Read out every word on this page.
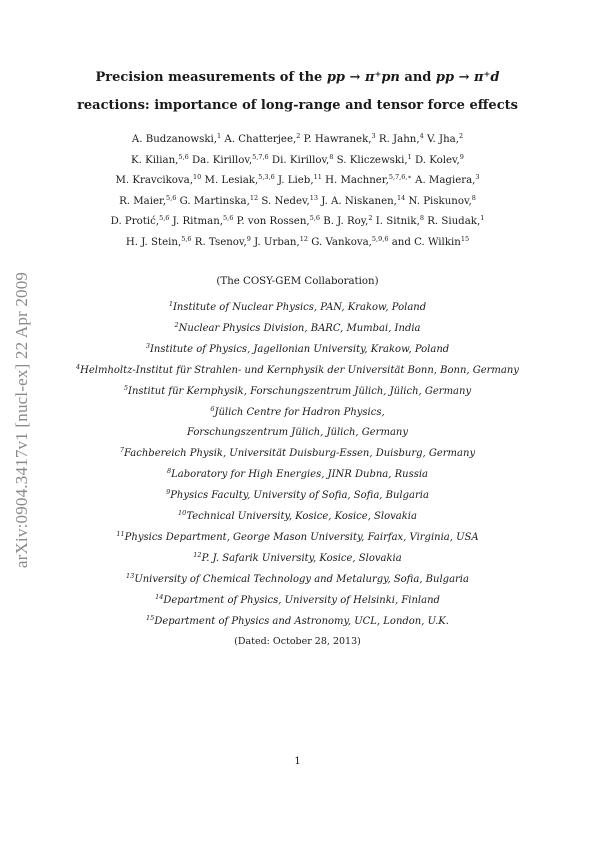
arXiv:0904.3417v1 [nucl-ex] 22 Apr 2009
Precision measurements of the pp → π⁺pn and pp → π⁺d
reactions: importance of long-range and tensor force effects
A. Budzanowski,$^1$ A. Chatterjee,$^2$ P. Hawranek,$^3$ R. Jahn,$^4$ V. Jha,$^2$
K. Kilian,$^{5,6}$ Da. Kirillov,$^{5,7,6}$ Di. Kirillov,$^8$ S. Kliczewski,$^1$ D. Kolev,$^9$
M. Kravcikova,$^{10}$ M. Lesiak,$^{5,3,6}$ J. Lieb,$^{11}$ H. Machner,$^{5,7,6,∗}$ A. Magiera,$^3$
R. Maier,$^{5,6}$ G. Martinska,$^{12}$ S. Nedev,$^{13}$ J. A. Niskanen,$^{14}$ N. Piskunov,$^8$
D. Protić,$^{5,6}$ J. Ritman,$^{5,6}$ P. von Rossen,$^{5,6}$ B. J. Roy,$^2$ I. Sitnik,$^8$ R. Siudak,$^1$
H. J. Stein,$^{5,6}$ R. Tsenov,$^9$ J. Urban,$^{12}$ G. Vankova,$^{5,9,6}$ and C. Wilkin$^{15}$
(The COSY-GEM Collaboration)
$^1$Institute of Nuclear Physics, PAN, Krakow, Poland
$^2$Nuclear Physics Division, BARC, Mumbai, India
$^3$Institute of Physics, Jagellonian University, Krakow, Poland
$^4$Helmholtz-Institut für Strahlen- und Kernphysik der Universität Bonn, Bonn, Germany
$^5$Institut für Kernphysik, Forschungszentrum Jülich, Jülich, Germany
$^6$Jülich Centre for Hadron Physics,
Forschungszentrum Jülich, Jülich, Germany
$^7$Fachbereich Physik, Universität Duisburg-Essen, Duisburg, Germany
$^8$Laboratory for High Energies, JINR Dubna, Russia
$^9$Physics Faculty, University of Sofia, Sofia, Bulgaria
$^{10}$Technical University, Kosice, Kosice, Slovakia
$^{11}$Physics Department, George Mason University, Fairfax, Virginia, USA
$^{12}$P. J. Safarik University, Kosice, Slovakia
$^{13}$University of Chemical Technology and Metalurgy, Sofia, Bulgaria
$^{14}$Department of Physics, University of Helsinki, Finland
$^{15}$Department of Physics and Astronomy, UCL, London, U.K.
(Dated: October 28, 2013)
1
